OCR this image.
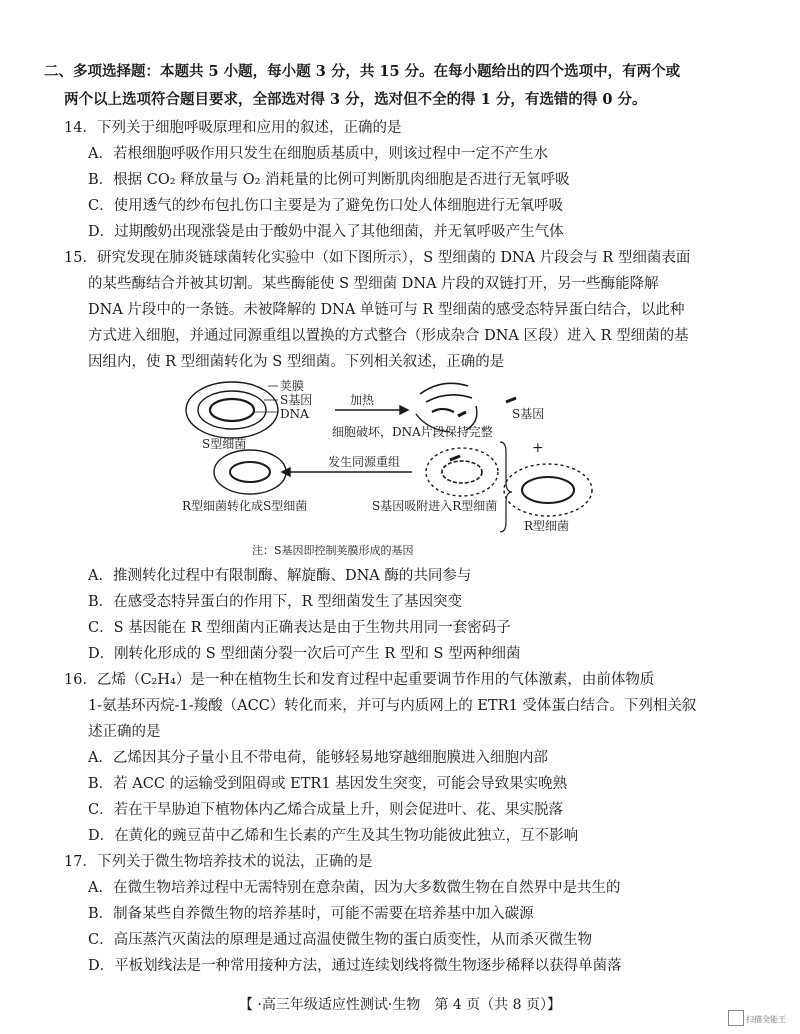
二、多项选择题：本题共 5 小题，每小题 3 分，共 15 分。在每小题给出的四个选项中，有两个或
两个以上选项符合题目要求，全部选对得 3 分，选对但不全的得 1 分，有选错的得 0 分。
14．下列关于细胞呼吸原理和应用的叙述，正确的是
A．若根细胞呼吸作用只发生在细胞质基质中，则该过程中一定不产生水
B．根据 CO₂ 释放量与 O₂ 消耗量的比例可判断肌肉细胞是否进行无氧呼吸
C．使用透气的纱布包扎伤口主要是为了避免伤口处人体细胞进行无氧呼吸
D．过期酸奶出现涨袋是由于酸奶中混入了其他细菌，并无氧呼吸产生气体
15．研究发现在肺炎链球菌转化实验中（如下图所示），S 型细菌的 DNA 片段会与 R 型细菌表面
的某些酶结合并被其切割。某些酶能使 S 型细菌 DNA 片段的双链打开，另一些酶能降解
DNA 片段中的一条链。未被降解的 DNA 单链可与 R 型细菌的感受态特异蛋白结合，以此种
方式进入细胞，并通过同源重组以置换的方式整合（形成杂合 DNA 区段）进入 R 型细菌的基
因组内，使 R 型细菌转化为 S 型细菌。下列相关叙述，正确的是
荚膜
S基因
DNA
S型细菌
加热
S基因
细胞破坏，DNA片段保持完整
+
发生同源重组
R型细菌转化成S型细菌	S基因吸附进入R型细菌
R型细菌
注：S基因即控制荚膜形成的基因
A．推测转化过程中有限制酶、解旋酶、DNA 酶的共同参与
B．在感受态特异蛋白的作用下，R 型细菌发生了基因突变
C．S 基因能在 R 型细菌内正确表达是由于生物共用同一套密码子
D．刚转化形成的 S 型细菌分裂一次后可产生 R 型和 S 型两种细菌
16．乙烯（C₂H₄）是一种在植物生长和发育过程中起重要调节作用的气体激素，由前体物质
1-氨基环丙烷-1-羧酸（ACC）转化而来，并可与内质网上的 ETR1 受体蛋白结合。下列相关叙
述正确的是
A．乙烯因其分子量小且不带电荷，能够轻易地穿越细胞膜进入细胞内部
B．若 ACC 的运输受到阻碍或 ETR1 基因发生突变，可能会导致果实晚熟
C．若在干旱胁迫下植物体内乙烯合成量上升，则会促进叶、花、果实脱落
D．在黄化的豌豆苗中乙烯和生长素的产生及其生物功能彼此独立，互不影响
17．下列关于微生物培养技术的说法，正确的是
A．在微生物培养过程中无需特别在意杂菌，因为大多数微生物在自然界中是共生的
B．制备某些自养微生物的培养基时，可能不需要在培养基中加入碳源
C．高压蒸汽灭菌法的原理是通过高温使微生物的蛋白质变性，从而杀灭微生物
D．平板划线法是一种常用接种方法，通过连续划线将微生物逐步稀释以获得单菌落
【 ·高三年级适应性测试·生物　第 4 页（共 8 页）】
扫描全能王
